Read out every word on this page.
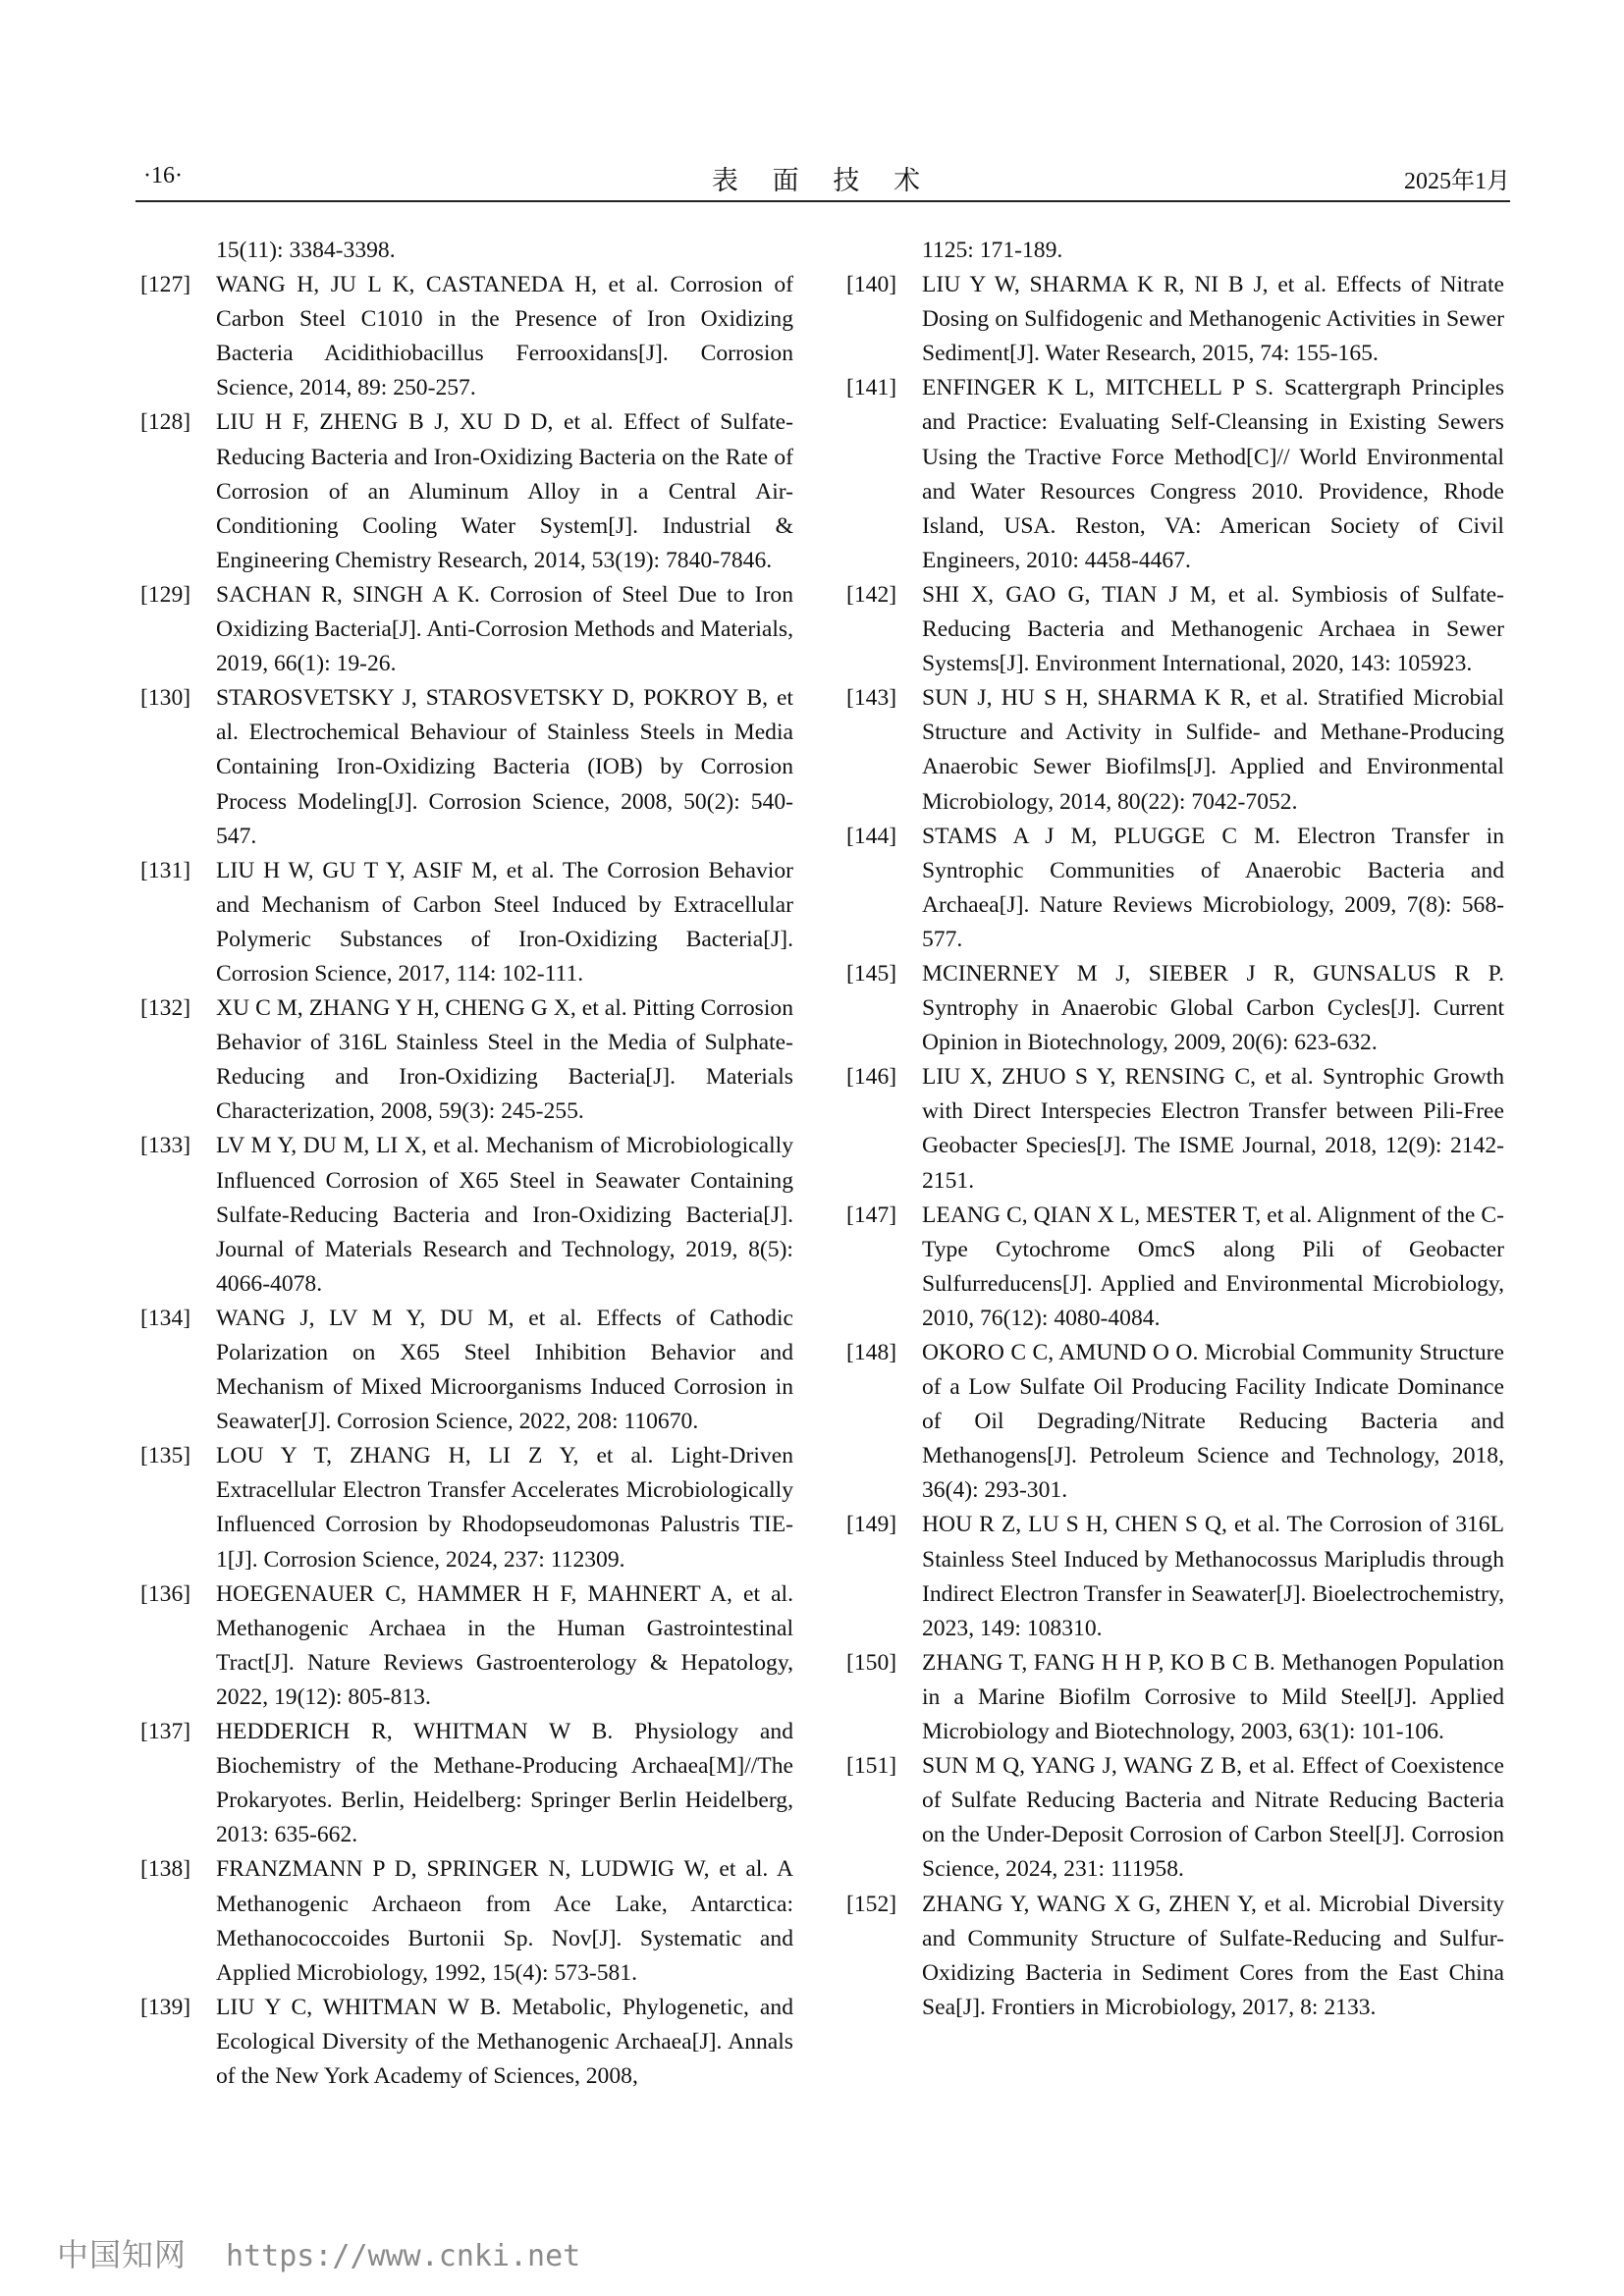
·16·	表 面 技 术	2025年1月
15(11): 3384-3398.
[127] WANG H, JU L K, CASTANEDA H, et al. Corrosion of Carbon Steel C1010 in the Presence of Iron Oxidizing Bacteria Acidithiobacillus Ferrooxidans[J]. Corrosion Science, 2014, 89: 250-257.
[128] LIU H F, ZHENG B J, XU D D, et al. Effect of Sulfate-Reducing Bacteria and Iron-Oxidizing Bacteria on the Rate of Corrosion of an Aluminum Alloy in a Central Air-Conditioning Cooling Water System[J]. Industrial & Engineering Chemistry Research, 2014, 53(19): 7840-7846.
[129] SACHAN R, SINGH A K. Corrosion of Steel Due to Iron Oxidizing Bacteria[J]. Anti-Corrosion Methods and Materials, 2019, 66(1): 19-26.
[130] STAROSVETSKY J, STAROSVETSKY D, POKROY B, et al. Electrochemical Behaviour of Stainless Steels in Media Containing Iron-Oxidizing Bacteria (IOB) by Corrosion Process Modeling[J]. Corrosion Science, 2008, 50(2): 540-547.
[131] LIU H W, GU T Y, ASIF M, et al. The Corrosion Behavior and Mechanism of Carbon Steel Induced by Extracellular Polymeric Substances of Iron-Oxidizing Bacteria[J]. Corrosion Science, 2017, 114: 102-111.
[132] XU C M, ZHANG Y H, CHENG G X, et al. Pitting Corrosion Behavior of 316L Stainless Steel in the Media of Sulphate-Reducing and Iron-Oxidizing Bacteria[J]. Materials Characterization, 2008, 59(3): 245-255.
[133] LV M Y, DU M, LI X, et al. Mechanism of Microbiologically Influenced Corrosion of X65 Steel in Seawater Containing Sulfate-Reducing Bacteria and Iron-Oxidizing Bacteria[J]. Journal of Materials Research and Technology, 2019, 8(5): 4066-4078.
[134] WANG J, LV M Y, DU M, et al. Effects of Cathodic Polarization on X65 Steel Inhibition Behavior and Mechanism of Mixed Microorganisms Induced Corrosion in Seawater[J]. Corrosion Science, 2022, 208: 110670.
[135] LOU Y T, ZHANG H, LI Z Y, et al. Light-Driven Extracellular Electron Transfer Accelerates Microbiologically Influenced Corrosion by Rhodopseudomonas Palustris TIE-1[J]. Corrosion Science, 2024, 237: 112309.
[136] HOEGENAUER C, HAMMER H F, MAHNERT A, et al. Methanogenic Archaea in the Human Gastrointestinal Tract[J]. Nature Reviews Gastroenterology & Hepatology, 2022, 19(12): 805-813.
[137] HEDDERICH R, WHITMAN W B. Physiology and Biochemistry of the Methane-Producing Archaea[M]//The Prokaryotes. Berlin, Heidelberg: Springer Berlin Heidelberg, 2013: 635-662.
[138] FRANZMANN P D, SPRINGER N, LUDWIG W, et al. A Methanogenic Archaeon from Ace Lake, Antarctica: Methanococcoides Burtonii Sp. Nov[J]. Systematic and Applied Microbiology, 1992, 15(4): 573-581.
[139] LIU Y C, WHITMAN W B. Metabolic, Phylogenetic, and Ecological Diversity of the Methanogenic Archaea[J]. Annals of the New York Academy of Sciences, 2008,
1125: 171-189.
[140] LIU Y W, SHARMA K R, NI B J, et al. Effects of Nitrate Dosing on Sulfidogenic and Methanogenic Activities in Sewer Sediment[J]. Water Research, 2015, 74: 155-165.
[141] ENFINGER K L, MITCHELL P S. Scattergraph Principles and Practice: Evaluating Self-Cleansing in Existing Sewers Using the Tractive Force Method[C]// World Environmental and Water Resources Congress 2010. Providence, Rhode Island, USA. Reston, VA: American Society of Civil Engineers, 2010: 4458-4467.
[142] SHI X, GAO G, TIAN J M, et al. Symbiosis of Sulfate-Reducing Bacteria and Methanogenic Archaea in Sewer Systems[J]. Environment International, 2020, 143: 105923.
[143] SUN J, HU S H, SHARMA K R, et al. Stratified Microbial Structure and Activity in Sulfide- and Methane-Producing Anaerobic Sewer Biofilms[J]. Applied and Environmental Microbiology, 2014, 80(22): 7042-7052.
[144] STAMS A J M, PLUGGE C M. Electron Transfer in Syntrophic Communities of Anaerobic Bacteria and Archaea[J]. Nature Reviews Microbiology, 2009, 7(8): 568-577.
[145] MCINERNEY M J, SIEBER J R, GUNSALUS R P. Syntrophy in Anaerobic Global Carbon Cycles[J]. Current Opinion in Biotechnology, 2009, 20(6): 623-632.
[146] LIU X, ZHUO S Y, RENSING C, et al. Syntrophic Growth with Direct Interspecies Electron Transfer between Pili-Free Geobacter Species[J]. The ISME Journal, 2018, 12(9): 2142-2151.
[147] LEANG C, QIAN X L, MESTER T, et al. Alignment of the C-Type Cytochrome OmcS along Pili of Geobacter Sulfurreducens[J]. Applied and Environmental Microbiology, 2010, 76(12): 4080-4084.
[148] OKORO C C, AMUND O O. Microbial Community Structure of a Low Sulfate Oil Producing Facility Indicate Dominance of Oil Degrading/Nitrate Reducing Bacteria and Methanogens[J]. Petroleum Science and Technology, 2018, 36(4): 293-301.
[149] HOU R Z, LU S H, CHEN S Q, et al. The Corrosion of 316L Stainless Steel Induced by Methanocossus Maripludis through Indirect Electron Transfer in Seawater[J]. Bioelectrochemistry, 2023, 149: 108310.
[150] ZHANG T, FANG H H P, KO B C B. Methanogen Population in a Marine Biofilm Corrosive to Mild Steel[J]. Applied Microbiology and Biotechnology, 2003, 63(1): 101-106.
[151] SUN M Q, YANG J, WANG Z B, et al. Effect of Coexistence of Sulfate Reducing Bacteria and Nitrate Reducing Bacteria on the Under-Deposit Corrosion of Carbon Steel[J]. Corrosion Science, 2024, 231: 111958.
[152] ZHANG Y, WANG X G, ZHEN Y, et al. Microbial Diversity and Community Structure of Sulfate-Reducing and Sulfur-Oxidizing Bacteria in Sediment Cores from the East China Sea[J]. Frontiers in Microbiology, 2017, 8: 2133.
中国知网 https://www.cnki.net
